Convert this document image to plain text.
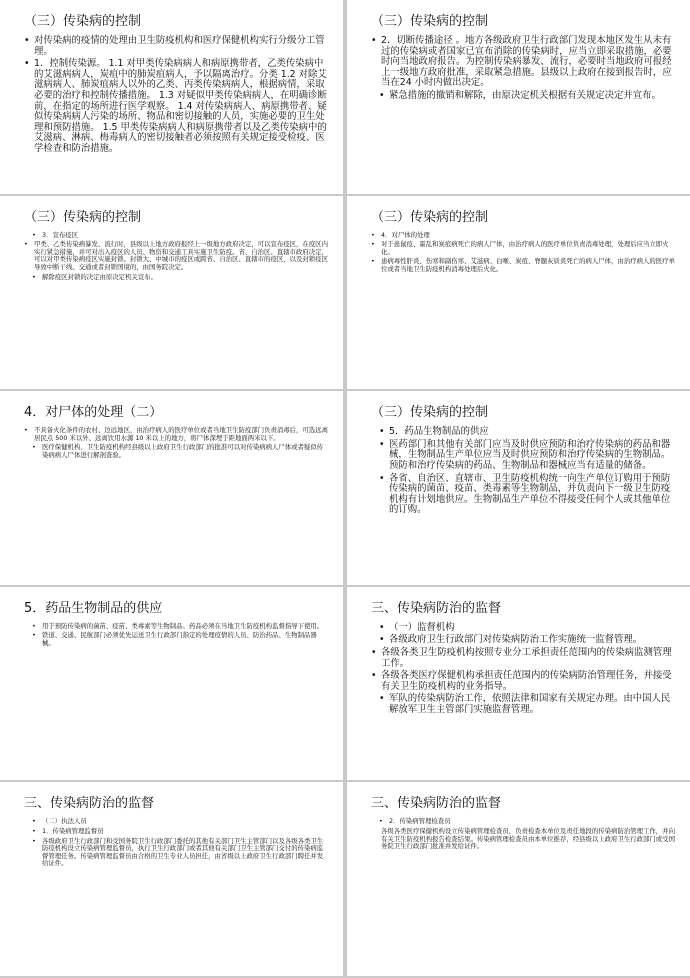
（三）传染病的控制
• 对传染病的疫情的处理由卫生防疫机构和医疗保健机构实行分级分工管理。
• 1．控制传染源。 1.1 对甲类传染病病人和病原携带者，乙类传染病中的艾滋病病人，炭疽中的肺炭疽病人，予以隔离治疗。分类 1.2 对除艾滋病病人、肺炭疽病人以外的乙类、丙类传染病病人，根据病情，采取必要的治疗和控制传播措施。 1.3 对疑似甲类传染病病人，在明确诊断前，在指定的场所进行医学观察。 1.4 对传染病病人、病原携带者、疑似传染病病人污染的场所、物品和密切接触的人员，实施必要的卫生处理和预防措施。 1.5 甲类传染病病人和病原携带者以及乙类传染病中的艾滋病、淋病、梅毒病人的密切接触者必须按照有关规定接受检疫、医学检查和防治措施。
（三）传染病的控制
• 2．切断传播途径 。地方各级政府卫生行政部门发现本地区发生从未有过的传染病或者国家已宣布消除的传染病时，应当立即采取措施，必要时向当地政府报告。为控制传染病暴发、流行，必要时当地政府可报经上一级地方政府批准，采取紧急措施。县级以上政府在接到报告时，应当在24 小时内做出决定。
• 紧急措施的撤销和解除，由原决定机关根据有关规定决定并宣布。
（三）传染病的控制
• 3．宣布疫区
• 甲类、乙类传染病暴发、流行时，县级以上地方政府报经上一级地方政府决定，可以宣布疫区，在疫区内实行紧急措施，并可对出入疫区的人员、物资和交通工具实施卫生防疫。省、自治区、直辖市政府决定，可以对甲类传染病疫区实施封锁。封锁大、中城市的疫区或跨省、自治区、直辖市的疫区，以及封锁疫区导致中断干线、交通或者封锁国境的，由国务院决定。
• 解除疫区封锁的决定由原决定机关宣布。
（三）传染病的控制
• 4．对尸体的处理
• 对于患鼠疫、霍乱和炭疽病死亡的病人尸体，由治疗病人的医疗单位负责消毒处理，处理后应当立即火化。
• 患病毒性肝炎、伤寒和副伤寒、艾滋病、白喉、炭疽、脊髓灰质炎死亡的病人尸体，由治疗病人的医疗单位或者当地卫生防疫机构消毒处理后火化。
4．对尸体的处理（二）
• 不具备火化条件的农村、边远地区，由治疗病人的医疗单位或者当地卫生防疫部门负责消毒后，可选远离居民点 500 米以外、远离饮用水源 10 米以上的地方，将尸体深埋于距地面两米以下。
• 医疗保健机构、卫生防疫机构经县级以上政府卫生行政部门的批准可以对传染病病人尸体或者疑似传染病病人尸体进行解剖查验。
（三）传染病的控制
• 5．药品生物制品的供应
• 医药部门和其他有关部门应当及时供应预防和治疗传染病的药品和器械，生物制品生产单位应当及时供应预防和治疗传染病的生物制品。预防和治疗传染病的药品、生物制品和器械应当有适量的储备。
• 各省、自治区、直辖市、卫生防疫机构统一向生产单位订购用于预防传染病的菌苗、疫苗、类毒素等生物制品，并负责向下一级卫生防疫机构有计划地供应。生物制品生产单位不得接受任何个人或其他单位的订购。
5．药品生物制品的供应
• 用于预防传染病的菌苗、疫苗、类毒素等生物制品、药品必须在当地卫生防疫机构监督指导下使用。
• 铁道、交通、民航部门必须优先运送卫生行政部门指定的处理疫情的人员、防治药品、生物制品器械。
三、传染病防治的监督
• （一）监督机构
• 各级政府卫生行政部门对传染病防治工作实施统一监督管理。
• 各级各类卫生防疫机构按照专业分工承担责任范围内的传染病监测管理工作。
• 各级各类医疗保健机构承担责任范围内的传染病防治管理任务，并接受有关卫生防疫机构的业务指导。
• 军队的传染病防治工作，依照法律和国家有关规定办理。由中国人民解放军卫生主管部门实施监督管理。
三、传染病防治的监督
• （二）执法人员
• 1．传染病管理监督员
• 各级政府卫生行政部门和受国务院卫生行政部门委托的其他有关部门卫生主管部门以及各级各类卫生防疫机构设立传染病管理监督员，执行卫生行政部门或者其他有关部门卫生主管部门交付的传染病监督管理任务。传染病管理监督员由合格的卫生专业人员担任，由省级以上政府卫生行政部门聘任并发给证件。
三、传染病防治的监督
• 2．传染病管理检查员
各级各类医疗保健机构设立传染病管理检查员，负责检查本单位及责任地段的传染病防治管理工作，并向有关卫生防疫机构报告检查结果。传染病管理检查员由本单位推荐，经县级以上政府卫生行政部门或受国务院卫生行政部门批准并发给证件。
